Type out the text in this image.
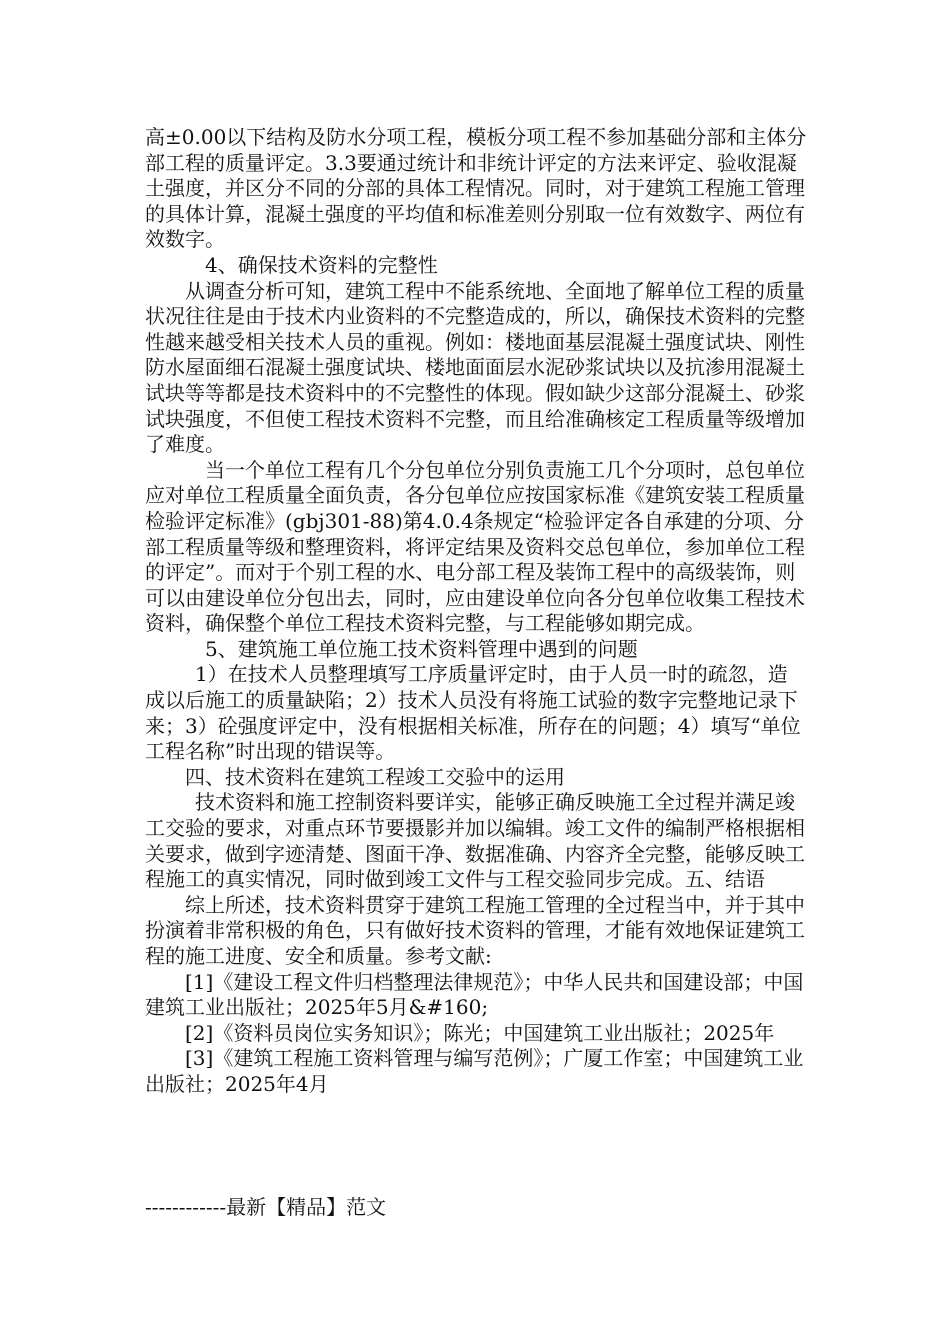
高±0.00以下结构及防水分项工程，模板分项工程不参加基础分部和主体分部工程的质量评定。3.3要通过统计和非统计评定的方法来评定、验收混凝土强度，并区分不同的分部的具体工程情况。同时，对于建筑工程施工管理的具体计算，混凝土强度的平均值和标准差则分别取一位有效数字、两位有效数字。

4、确保技术资料的完整性

从调查分析可知，建筑工程中不能系统地、全面地了解单位工程的质量状况往往是由于技术内业资料的不完整造成的，所以，确保技术资料的完整性越来越受相关技术人员的重视。例如：楼地面基层混凝土强度试块、刚性防水屋面细石混凝土强度试块、楼地面面层水泥砂浆试块以及抗渗用混凝土试块等等都是技术资料中的不完整性的体现。假如缺少这部分混凝土、砂浆试块强度，不但使工程技术资料不完整，而且给准确核定工程质量等级增加了难度。

当一个单位工程有几个分包单位分别负责施工几个分项时，总包单位应对单位工程质量全面负责，各分包单位应按国家标准《建筑安装工程质量检验评定标准》(gbj301-88)第4.0.4条规定“检验评定各自承建的分项、分部工程质量等级和整理资料，将评定结果及资料交总包单位，参加单位工程的评定”。而对于个别工程的水、电分部工程及装饰工程中的高级装饰，则可以由建设单位分包出去，同时，应由建设单位向各分包单位收集工程技术资料，确保整个单位工程技术资料完整，与工程能够如期完成。

5、建筑施工单位施工技术资料管理中遇到的问题

1）在技术人员整理填写工序质量评定时，由于人员一时的疏忽，造成以后施工的质量缺陷；2）技术人员没有将施工试验的数字完整地记录下来；3）砼强度评定中，没有根据相关标准，所存在的问题；4）填写“单位工程名称”时出现的错误等。

四、技术资料在建筑工程竣工交验中的运用

技术资料和施工控制资料要详实，能够正确反映施工全过程并满足竣工交验的要求，对重点环节要摄影并加以编辑。竣工文件的编制严格根据相关要求，做到字迹清楚、图面干净、数据准确、内容齐全完整，能够反映工程施工的真实情况，同时做到竣工文件与工程交验同步完成。五、结语

综上所述，技术资料贯穿于建筑工程施工管理的全过程当中，并于其中扮演着非常积极的角色，只有做好技术资料的管理，才能有效地保证建筑工程的施工进度、安全和质量。参考文献:

[1]《建设工程文件归档整理法律规范》；中华人民共和国建设部；中国建筑工业出版社；2025年5月&#160;

[2]《资料员岗位实务知识》；陈光；中国建筑工业出版社；2025年

[3]《建筑工程施工资料管理与编写范例》；广厦工作室；中国建筑工业出版社；2025年4月

------------最新【精品】范文
